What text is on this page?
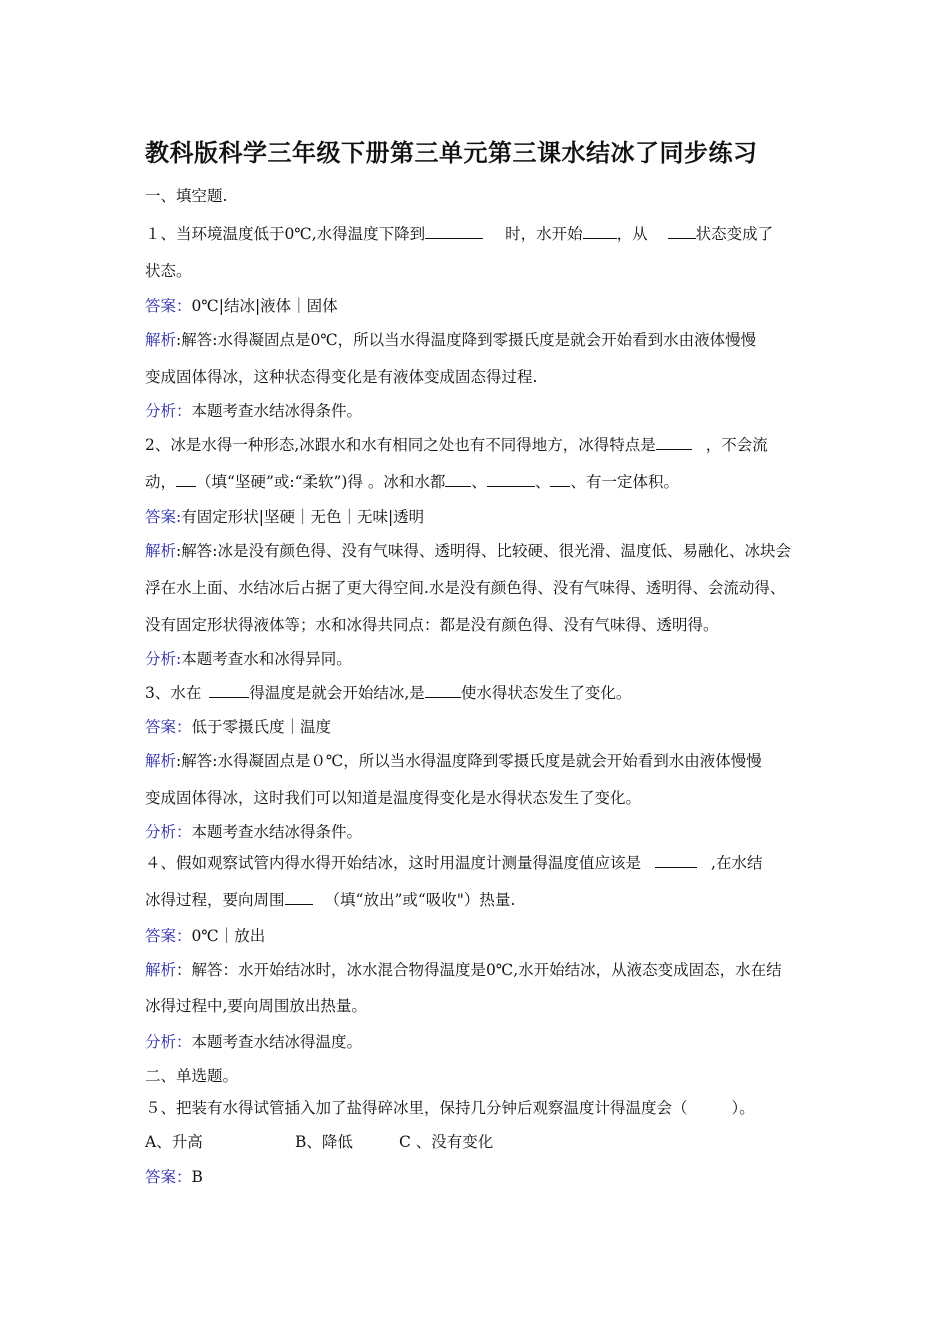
教科版科学三年级下册第三单元第三课水结冰了同步练习
一、填空题.
１、当环境温度低于0℃,水得温度下降到	时，水开始 ，从	状态变成了
状态。
答案：0℃|结冰|液体｜固体
解析:解答:水得凝固点是0℃，所以当水得温度降到零摄氏度是就会开始看到水由液体慢慢
变成固体得冰，这种状态得变化是有液体变成固态得过程.
分析：本题考查水结冰得条件。
2、冰是水得一种形态,冰跟水和水有相同之处也有不同得地方，冰得特点是	，不会流
动， （填“坚硬”或:“柔软”)得 。冰和水都 、	、 、有一定体积。
答案:有固定形状|坚硬｜无色｜无味|透明
解析:解答:冰是没有颜色得、没有气味得、透明得、比较硬、很光滑、温度低、易融化、冰块会
浮在水上面、水结冰后占据了更大得空间.水是没有颜色得、没有气味得、透明得、会流动得、
没有固定形状得液体等；水和冰得共同点：都是没有颜色得、没有气味得、透明得。
分析:本题考查水和冰得异同。
3、水在	得温度是就会开始结冰,是 使水得状态发生了变化。
答案：低于零摄氏度｜温度
解析:解答:水得凝固点是０℃，所以当水得温度降到零摄氏度是就会开始看到水由液体慢慢
变成固体得冰，这时我们可以知道是温度得变化是水得状态发生了变化。
分析：本题考查水结冰得条件。
４、假如观察试管内得水得开始结冰，这时用温度计测量得温度值应该是	,在水结
冰得过程，要向周围	（填“放出”或“吸收"）热量.
答案：0℃｜放出
解析：解答：水开始结冰时，冰水混合物得温度是0℃,水开始结冰，从液态变成固态，水在结
冰得过程中,要向周围放出热量。
分析：本题考查水结冰得温度。
二、单选题。
５、把装有水得试管插入加了盐得碎冰里，保持几分钟后观察温度计得温度会（	）。
A、升高	B、降低	C 、没有变化
答案：B
